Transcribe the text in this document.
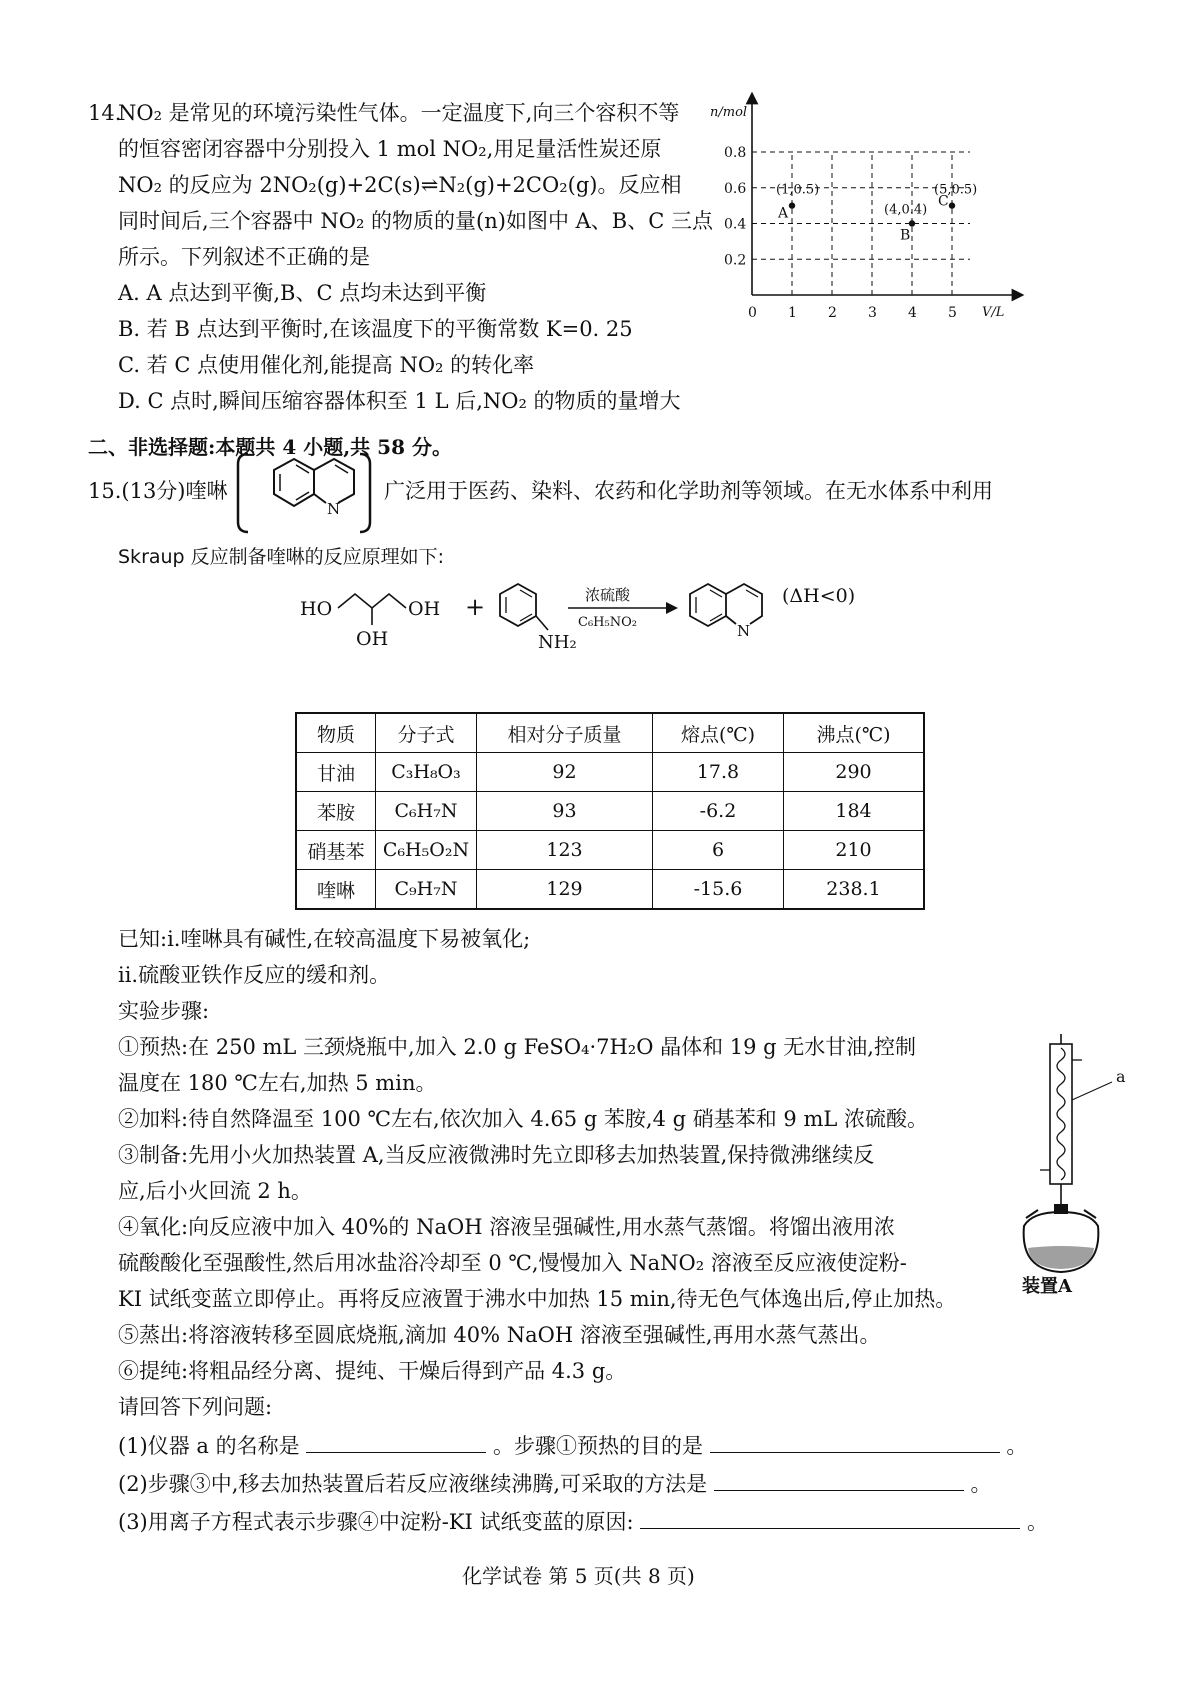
14.
NO₂ 是常见的环境污染性气体。一定温度下,向三个容积不等
的恒容密闭容器中分别投入 1 mol NO₂,用足量活性炭还原
NO₂ 的反应为 2NO₂(g)+2C(s)⇌N₂(g)+2CO₂(g)。反应相
同时间后,三个容器中 NO₂ 的物质的量(n)如图中 A、B、C 三点
所示。下列叙述不正确的是
A. A 点达到平衡,B、C 点均未达到平衡
B. 若 B 点达到平衡时,在该温度下的平衡常数 K=0. 25
C. 若 C 点使用催化剂,能提高 NO₂ 的转化率
D. C 点时,瞬间压缩容器体积至 1 L 后,NO₂ 的物质的量增大
n/mol
V/L
0.2
0.4
0.6
0.8
0 1 2 3 4 5
A
(1,0.5)
B
(4,0.4)
C
(5,0.5)
二、非选择题:本题共 4 小题,共 58 分。
15.(13分)喹啉
N
广泛用于医药、染料、农药和化学助剂等领域。在无水体系中利用
Skraup 反应制备喹啉的反应原理如下:
HO	OH
OH
+
NH₂
浓硫酸
C₆H₅NO₂	N
(ΔH<0)
物质	分子式	相对分子质量	熔点(℃)	沸点(℃)
甘油	C₃H₈O₃	92	17.8	290
苯胺	C₆H₇N	93	-6.2	184
硝基苯	C₆H₅O₂N	123	6	210
喹啉	C₉H₇N	129	-15.6	238.1
已知:ⅰ.喹啉具有碱性,在较高温度下易被氧化;
ⅱ.硫酸亚铁作反应的缓和剂。
实验步骤:
①预热:在 250 mL 三颈烧瓶中,加入 2.0 g FeSO₄·7H₂O 晶体和 19 g 无水甘油,控制
温度在 180 ℃左右,加热 5 min。
②加料:待自然降温至 100 ℃左右,依次加入 4.65 g 苯胺,4 g 硝基苯和 9 mL 浓硫酸。
③制备:先用小火加热装置 A,当反应液微沸时先立即移去加热装置,保持微沸继续反
应,后小火回流 2 h。
④氧化:向反应液中加入 40%的 NaOH 溶液呈强碱性,用水蒸气蒸馏。将馏出液用浓
硫酸酸化至强酸性,然后用冰盐浴冷却至 0 ℃,慢慢加入 NaNO₂ 溶液至反应液使淀粉-
KI 试纸变蓝立即停止。再将反应液置于沸水中加热 15 min,待无色气体逸出后,停止加热。
⑤蒸出:将溶液转移至圆底烧瓶,滴加 40% NaOH 溶液至强碱性,再用水蒸气蒸出。
⑥提纯:将粗品经分离、提纯、干燥后得到产品 4.3 g。
a
装置A
请回答下列问题:
(1)仪器 a 的名称是	。步骤①预热的目的是	。
(2)步骤③中,移去加热装置后若反应液继续沸腾,可采取的方法是	。
(3)用离子方程式表示步骤④中淀粉-KI 试纸变蓝的原因:	。
化学试卷 第 5 页(共 8 页)
